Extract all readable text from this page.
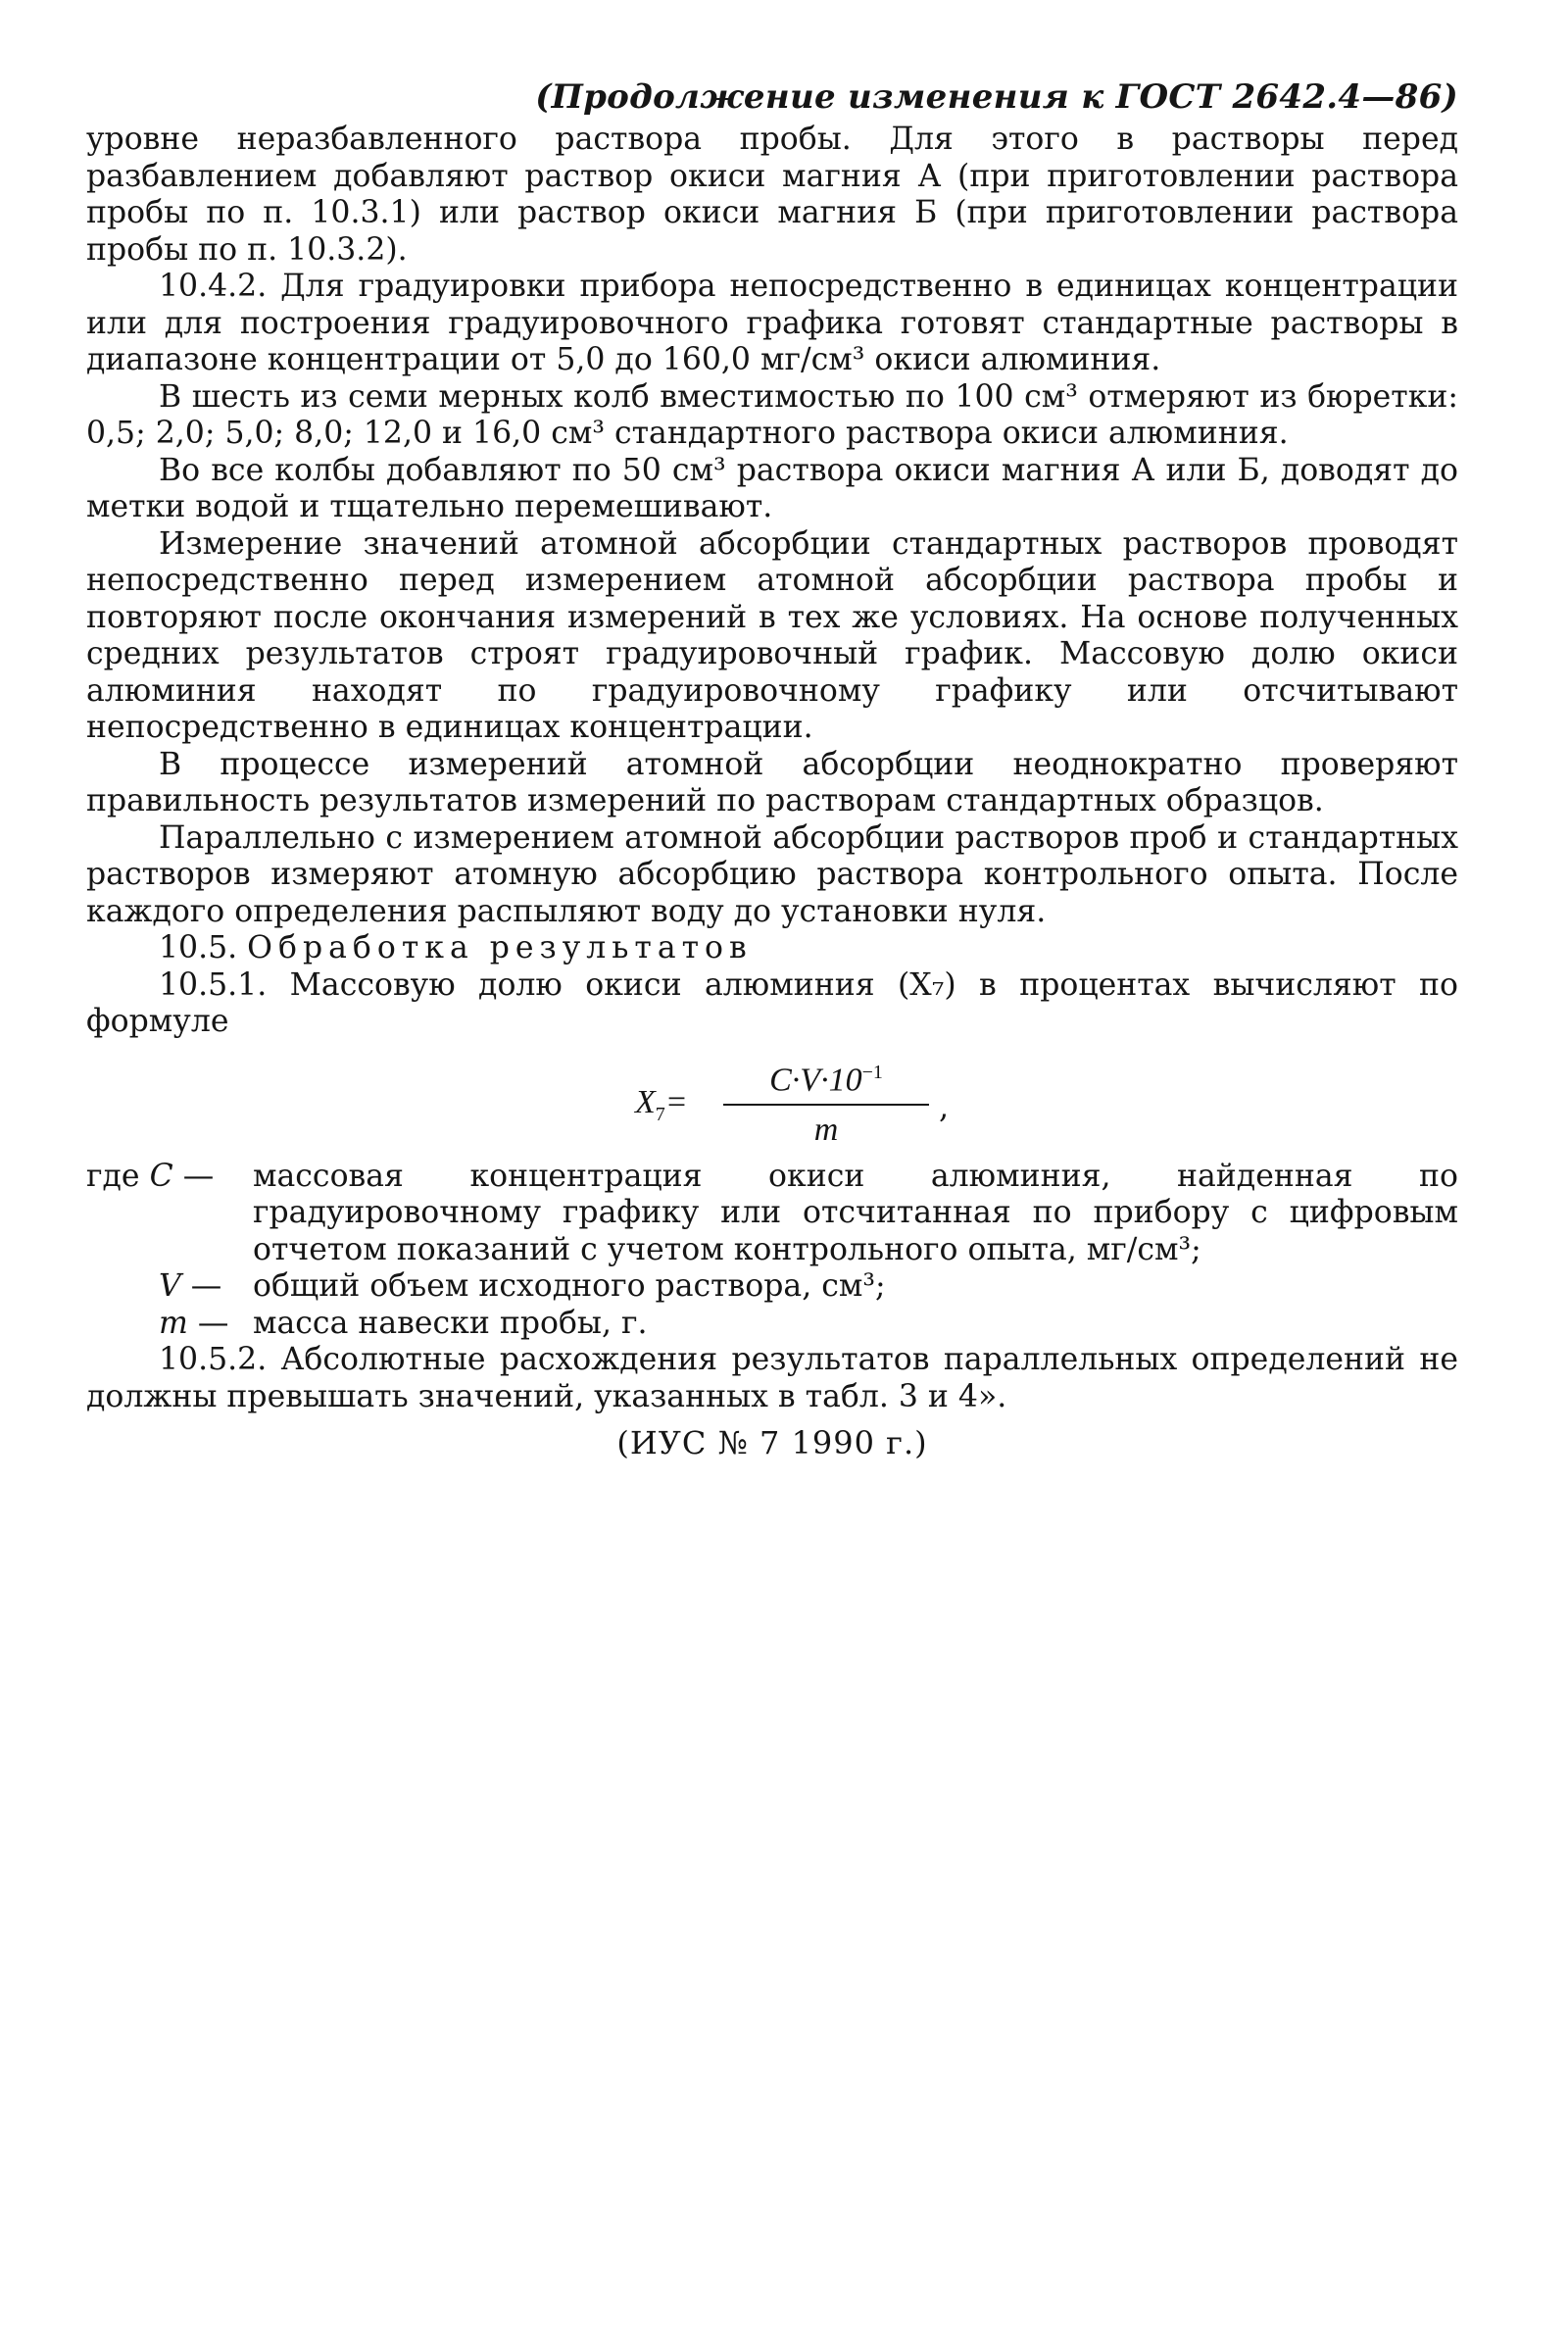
(Продолжение изменения к ГОСТ 2642.4—86)

уровне неразбавленного раствора пробы. Для этого в растворы перед разбавлением добавляют раствор окиси магния А (при приготовлении раствора пробы по п. 10.3.1) или раствор окиси магния Б (при приготовлении раствора пробы по п. 10.3.2).

10.4.2. Для градуировки прибора непосредственно в единицах концентрации или для построения градуировочного графика готовят стандартные растворы в диапазоне концентрации от 5,0 до 160,0 мг/см³ окиси алюминия.

В шесть из семи мерных колб вместимостью по 100 см³ отмеряют из бюретки: 0,5; 2,0; 5,0; 8,0; 12,0 и 16,0 см³ стандартного раствора окиси алюминия.

Во все колбы добавляют по 50 см³ раствора окиси магния А или Б, доводят до метки водой и тщательно перемешивают.

Измерение значений атомной абсорбции стандартных растворов проводят непосредственно перед измерением атомной абсорбции раствора пробы и повторяют после окончания измерений в тех же условиях. На основе полученных средних результатов строят градуировочный график. Массовую долю окиси алюминия находят по градуировочному графику или отсчитывают непосредственно в единицах концентрации.

В процессе измерений атомной абсорбции неоднократно проверяют правильность результатов измерений по растворам стандартных образцов.

Параллельно с измерением атомной абсорбции растворов проб и стандартных растворов измеряют атомную абсорбцию раствора контрольного опыта. После каждого определения распыляют воду до установки нуля.

10.5. Обработка результатов

10.5.1. Массовую долю окиси алюминия (X₇) в процентах вычисляют по формуле

$X_7=$
$C\cdot V\cdot 10^{-1}$
m
,
где C —	массовая концентрация окиси алюминия, найденная по градуировочному графику или отсчитанная по прибору с цифровым отчетом показаний с учетом контрольного опыта, мг/см³;
V —	общий объем исходного раствора, см³;
m — масса навески пробы, г.

10.5.2. Абсолютные расхождения результатов параллельных определений не должны превышать значений, указанных в табл. 3 и 4».

(ИУС № 7 1990 г.)
